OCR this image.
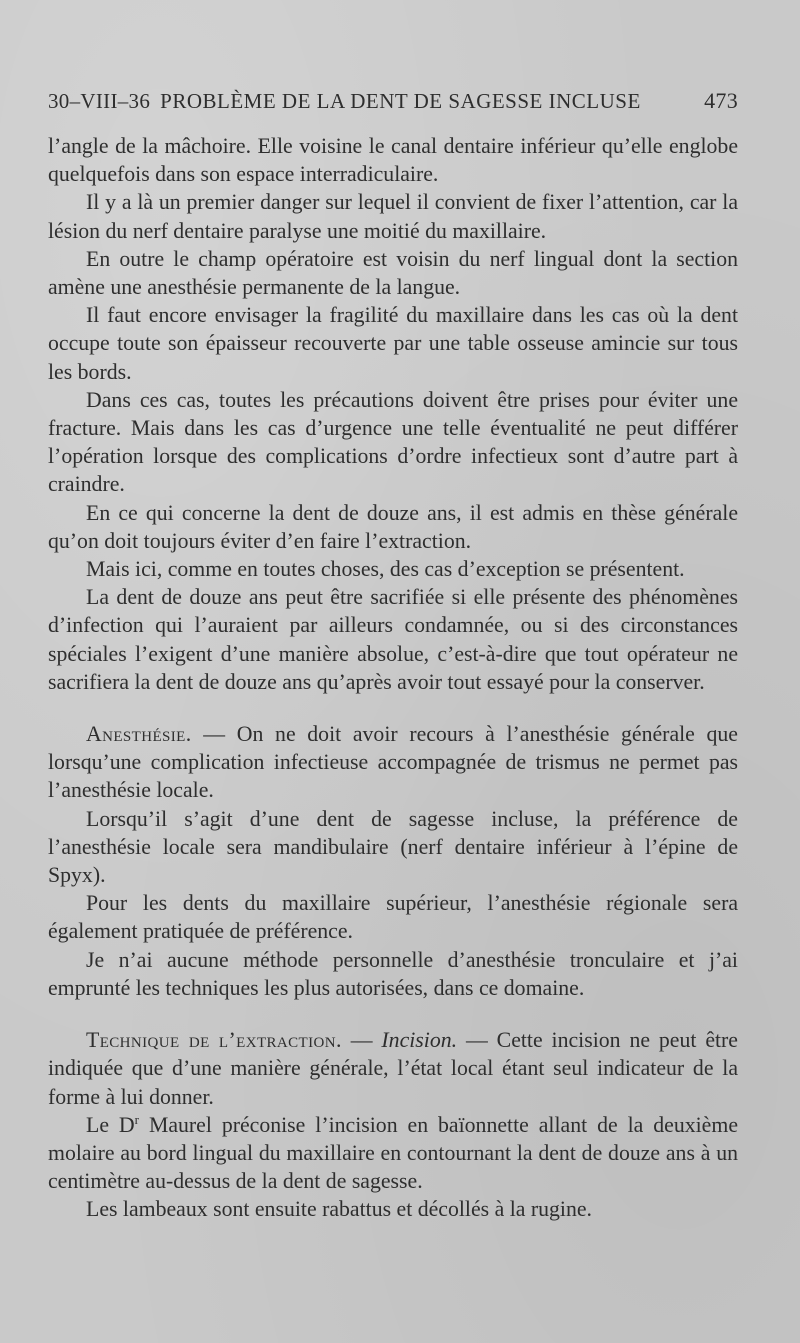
30–VIII–36 PROBLÈME DE LA DENT DE SAGESSE INCLUSE	473

l’angle de la mâchoire. Elle voisine le canal dentaire inférieur qu’elle englobe quelquefois dans son espace interradiculaire.

Il y a là un premier danger sur lequel il convient de fixer l’attention, car la lésion du nerf dentaire paralyse une moitié du maxillaire.

En outre le champ opératoire est voisin du nerf lingual dont la section amène une anesthésie permanente de la langue.

Il faut encore envisager la fragilité du maxillaire dans les cas où la dent occupe toute son épaisseur recouverte par une table osseuse amincie sur tous les bords.

Dans ces cas, toutes les précautions doivent être prises pour éviter une fracture. Mais dans les cas d’urgence une telle éventualité ne peut différer l’opération lorsque des complications d’ordre infectieux sont d’autre part à craindre.

En ce qui concerne la dent de douze ans, il est admis en thèse générale qu’on doit toujours éviter d’en faire l’extraction.

Mais ici, comme en toutes choses, des cas d’exception se présentent.

La dent de douze ans peut être sacrifiée si elle présente des phénomènes d’infection qui l’auraient par ailleurs condamnée, ou si des circonstances spéciales l’exigent d’une manière absolue, c’est-à-dire que tout opérateur ne sacrifiera la dent de douze ans qu’après avoir tout essayé pour la conserver.

Anesthésie. — On ne doit avoir recours à l’anesthésie générale que lorsqu’une complication infectieuse accompagnée de trismus ne permet pas l’anesthésie locale.

Lorsqu’il s’agit d’une dent de sagesse incluse, la préférence de l’anesthésie locale sera mandibulaire (nerf dentaire inférieur à l’épine de Spyx).

Pour les dents du maxillaire supérieur, l’anesthésie régionale sera également pratiquée de préférence.

Je n’ai aucune méthode personnelle d’anesthésie tronculaire et j’ai emprunté les techniques les plus autorisées, dans ce domaine.

Technique de l’extraction. — Incision. — Cette incision ne peut être indiquée que d’une manière générale, l’état local étant seul indicateur de la forme à lui donner.

Le $D^r$ Maurel préconise l’incision en baïonnette allant de la deuxième molaire au bord lingual du maxillaire en contournant la dent de douze ans à un centimètre au-dessus de la dent de sagesse.

Les lambeaux sont ensuite rabattus et décollés à la rugine.
